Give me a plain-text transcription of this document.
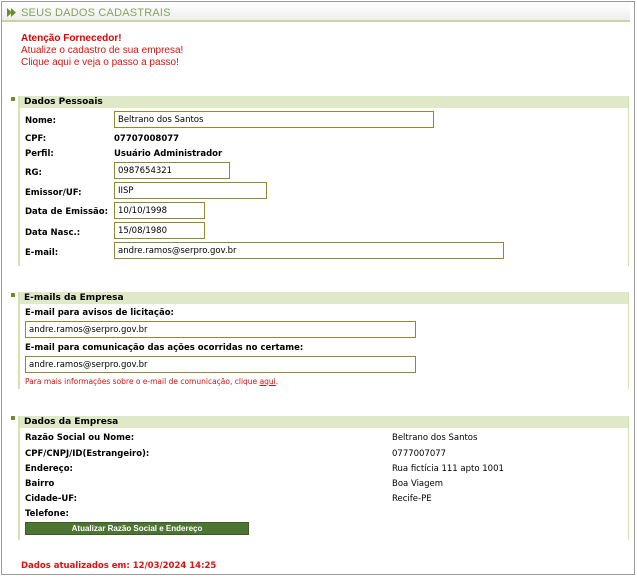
SEUS DADOS CADASTRAIS
Atenção Fornecedor!
Atualize o cadastro de sua empresa!
Clique aqui e veja o passo a passo!
Dados Pessoais
Nome:
Beltrano dos Santos
CPF:	07707008077
Perfil:	Usuário Administrador
RG:
0987654321
Emissor/UF:
IISP
Data de Emissão:
10/10/1998
Data Nasc.:
15/08/1980
E-mail:
andre.ramos@serpro.gov.br
E-mails da Empresa
E-mail para avisos de licitação:
andre.ramos@serpro.gov.br
E-mail para comunicação das ações ocorridas no certame:
andre.ramos@serpro.gov.br
Para mais informações sobre o e-mail de comunicação, clique aqui.
Dados da Empresa
Razão Social ou Nome:	Beltrano dos Santos
CPF/CNPJ/ID(Estrangeiro):	0777007077
Endereço:	Rua fictícia 111 apto 1001
Bairro	Boa Viagem
Cidade-UF:	Recife-PE
Telefone:
Atualizar Razão Social e Endereço
Dados atualizados em: 12/03/2024 14:25
